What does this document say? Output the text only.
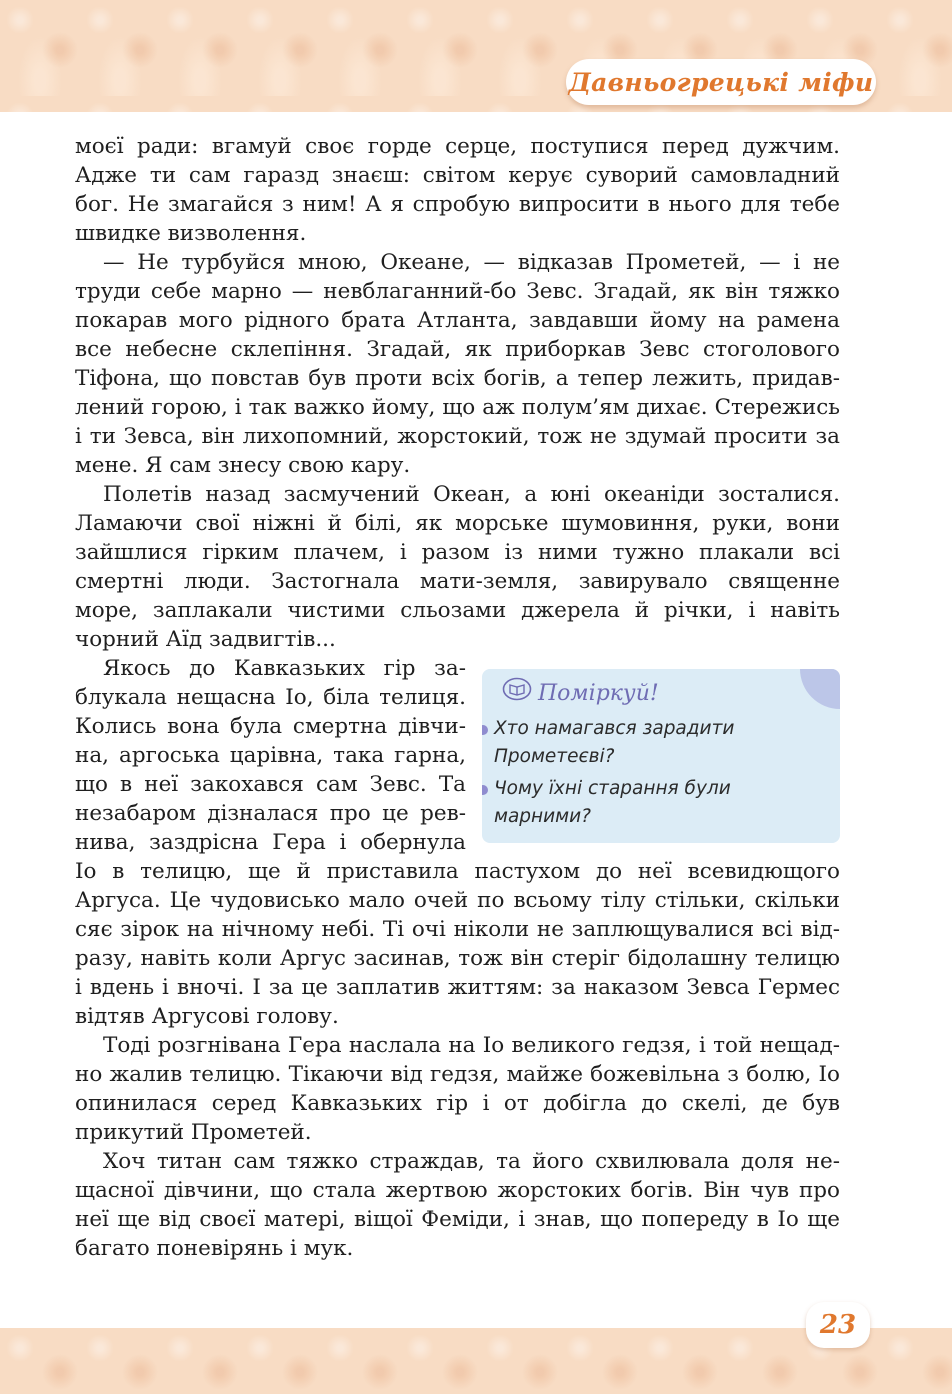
Давньогрецькі міфи

моєї ради: вгамуй своє горде серце, поступися перед дужчим. Адже ти сам гаразд знаєш: світом керує суворий самовладний бог. Не змагайся з ним! А я спробую випросити в нього для тебе швидке визволення.

— Не турбуйся мною, Океане, — відказав Прометей, — і не труди себе марно — невблаганний-бо Зевс. Згадай, як він тяжко покарав мого рідного брата Атланта, завдавши йому на рамена все небесне склепіння. Згадай, як приборкав Зевс стоголового Тіфона, що повстав був проти всіх богів, а тепер лежить, придавлений горою, і так важко йому, що аж полум’ям дихає. Стережись і ти Зевса, він лихопомний, жорстокий, тож не здумай просити за мене. Я сам знесу свою кару.

Полетів назад засмучений Океан, а юні океаніди зосталися. Ламаючи свої ніжні й білі, як морське шумовиння, руки, вони зайшлися гірким плачем, і разом із ними тужно плакали всі смертні люди. Застогнала мати-земля, завирувало священне море, заплакали чистими сльозами джерела й річки, і навіть чорний Аїд задвигтів...

Поміркуй!
Хто намагався зарадити Прометеєві?
Чому їхні старання були марними?

Якось до Кавказьких гір заблукала нещасна Іо, біла телиця. Колись вона була смертна дівчина, аргоська царівна, така гарна, що в неї закохався сам Зевс. Та незабаром дізналася про це ревнива, заздрісна Гера і обернула Іо в телицю, ще й приставила пастухом до неї всевидющого Аргуса. Це чудовисько мало очей по всьому тілу стільки, скільки сяє зірок на нічному небі. Ті очі ніколи не заплющувалися всі відразу, навіть коли Аргус засинав, тож він стеріг бідолашну телицю і вдень і вночі. І за це заплатив життям: за наказом Зевса Гермес відтяв Аргусові голову.

Тоді розгнівана Гера наслала на Іо великого гедзя, і той нещадно жалив телицю. Тікаючи від гедзя, майже божевільна з болю, Іо опинилася серед Кавказьких гір і от добігла до скелі, де був прикутий Прометей.

Хоч титан сам тяжко страждав, та його схвилювала доля нещасної дівчини, що стала жертвою жорстоких богів. Він чув про неї ще від своєї матері, віщої Феміди, і знав, що попереду в Іо ще багато поневірянь і мук.

23
